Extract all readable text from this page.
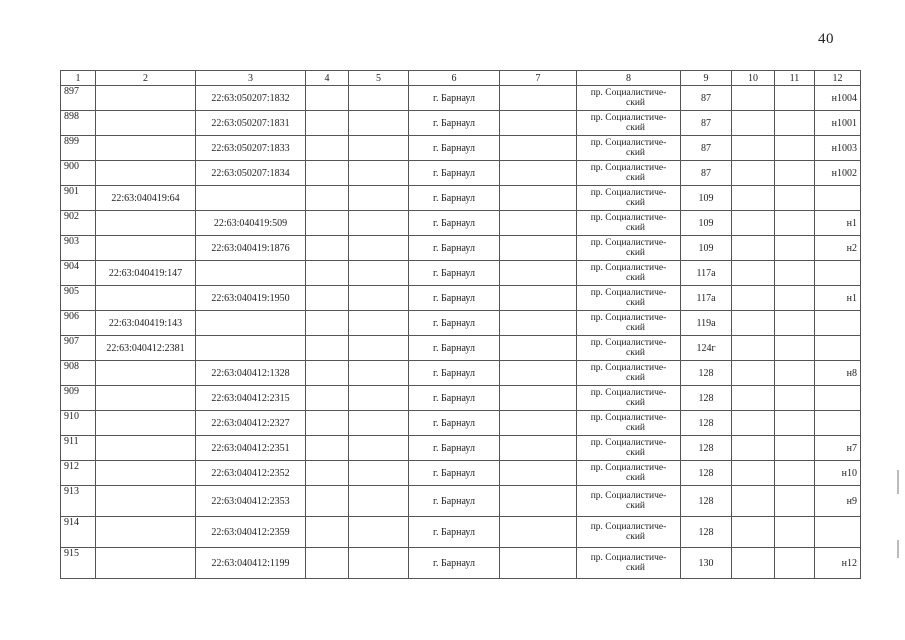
40
1	2	3	4	5	6	7	8	9	10	11	12
897		22:63:050207:1832			г. Барнаул		пр. Социалистиче-
ский	87			н1004
898		22:63:050207:1831			г. Барнаул		пр. Социалистиче-
ский	87			н1001
899		22:63:050207:1833			г. Барнаул		пр. Социалистиче-
ский	87			н1003
900		22:63:050207:1834			г. Барнаул		пр. Социалистиче-
ский	87			н1002
901	22:63:040419:64				г. Барнаул		пр. Социалистиче-
ский	109			
902		22:63:040419:509			г. Барнаул		пр. Социалистиче-
ский	109			н1
903		22:63:040419:1876			г. Барнаул		пр. Социалистиче-
ский	109			н2
904	22:63:040419:147				г. Барнаул		пр. Социалистиче-
ский	117а			
905		22:63:040419:1950			г. Барнаул		пр. Социалистиче-
ский	117а			н1
906	22:63:040419:143				г. Барнаул		пр. Социалистиче-
ский	119а			
907	22:63:040412:2381				г. Барнаул		пр. Социалистиче-
ский	124г			
908		22:63:040412:1328			г. Барнаул		пр. Социалистиче-
ский	128			н8
909		22:63:040412:2315			г. Барнаул		пр. Социалистиче-
ский	128			
910		22:63:040412:2327			г. Барнаул		пр. Социалистиче-
ский	128			
911		22:63:040412:2351			г. Барнаул		пр. Социалистиче-
ский	128			н7
912		22:63:040412:2352			г. Барнаул		пр. Социалистиче-
ский	128			н10
913		22:63:040412:2353			г. Барнаул		пр. Социалистиче-
ский	128			н9
914		22:63:040412:2359			г. Барнаул		пр. Социалистиче-
ский	128			
915		22:63:040412:1199			г. Барнаул		пр. Социалистиче-
ский	130			н12
